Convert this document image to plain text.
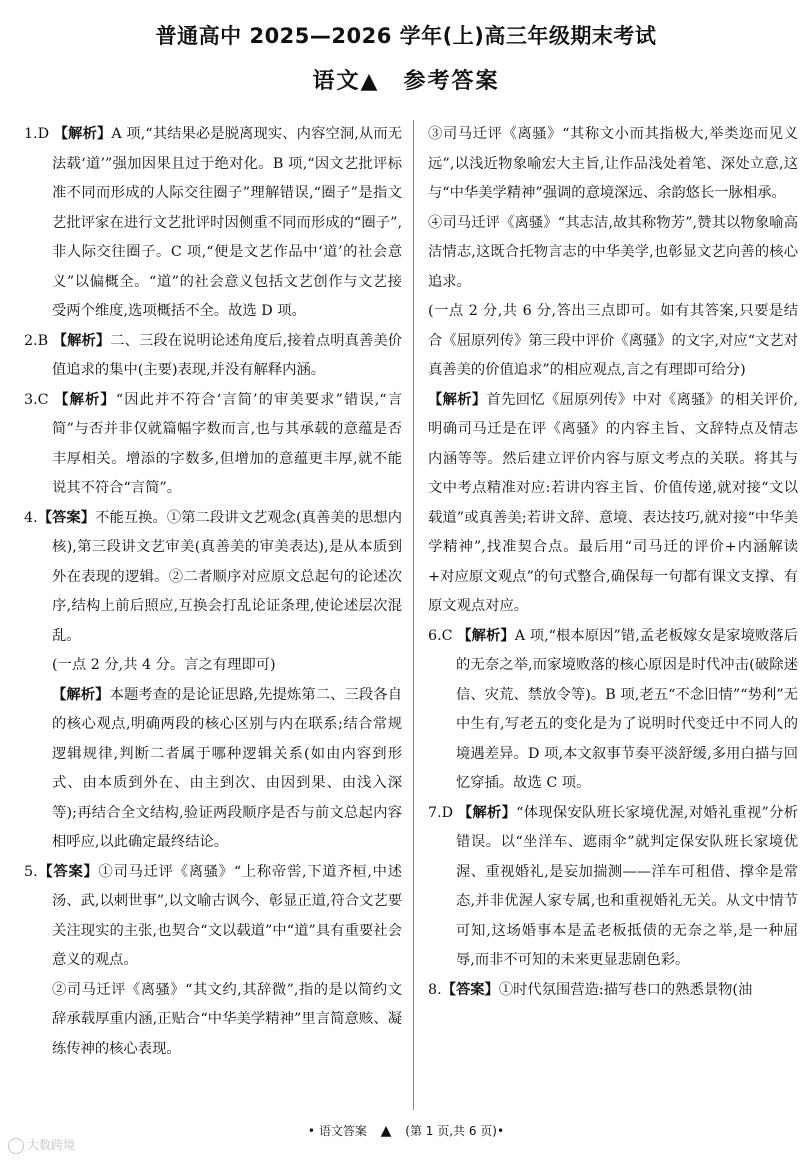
普通高中 2025—2026 学年(上)高三年级期末考试
语文▲　参考答案

1.D 【解析】A 项,“其结果必是脱离现实、内容空洞,从而无法载‘道’”强加因果且过于绝对化。B 项,“因文艺批评标准不同而形成的人际交往圈子”理解错误,“圈子”是指文艺批评家在进行文艺批评时因侧重不同而形成的“圈子”,非人际交往圈子。C 项,“便是文艺作品中‘道’的社会意义”以偏概全。“道”的社会意义包括文艺创作与文艺接受两个维度,选项概括不全。故选 D 项。

2.B 【解析】二、三段在说明论述角度后,接着点明真善美价值追求的集中(主要)表现,并没有解释内涵。

3.C 【解析】“因此并不符合‘言简’的审美要求”错误,“言简”与否并非仅就篇幅字数而言,也与其承载的意蕴是否丰厚相关。增添的字数多,但增加的意蕴更丰厚,就不能说其不符合“言简”。

4.【答案】不能互换。①第二段讲文艺观念(真善美的思想内核),第三段讲文艺审美(真善美的审美表达),是从本质到外在表现的逻辑。②二者顺序对应原文总起句的论述次序,结构上前后照应,互换会打乱论证条理,使论述层次混乱。

(一点 2 分,共 4 分。言之有理即可)

【解析】本题考查的是论证思路,先提炼第二、三段各自的核心观点,明确两段的核心区别与内在联系;结合常规逻辑规律,判断二者属于哪种逻辑关系(如由内容到形式、由本质到外在、由主到次、由因到果、由浅入深等);再结合全文结构,验证两段顺序是否与前文总起内容相呼应,以此确定最终结论。

5.【答案】①司马迁评《离骚》“上称帝喾,下道齐桓,中述汤、武,以刺世事”,以文喻古讽今、彰显正道,符合文艺要关注现实的主张,也契合“文以载道”中“道”具有重要社会意义的观点。

②司马迁评《离骚》“其文约,其辞微”,指的是以简约文辞承载厚重内涵,正贴合“中华美学精神”里言简意赅、凝练传神的核心表现。

③司马迁评《离骚》“其称文小而其指极大,举类迩而见义远”,以浅近物象喻宏大主旨,让作品浅处着笔、深处立意,这与“中华美学精神”强调的意境深远、余韵悠长一脉相承。

④司马迁评《离骚》“其志洁,故其称物芳”,赞其以物象喻高洁情志,这既合托物言志的中华美学,也彰显文艺向善的核心追求。

(一点 2 分,共 6 分,答出三点即可。如有其答案,只要是结合《屈原列传》第三段中评价《离骚》的文字,对应“文艺对真善美的价值追求”的相应观点,言之有理即可给分)

【解析】首先回忆《屈原列传》中对《离骚》的相关评价,明确司马迁是在评《离骚》的内容主旨、文辞特点及情志内涵等等。然后建立评价内容与原文考点的关联。将其与文中考点精准对应:若讲内容主旨、价值传递,就对接“文以载道”或真善美;若讲文辞、意境、表达技巧,就对接“中华美学精神”,找准契合点。最后用“司马迁的评价+内涵解读+对应原文观点”的句式整合,确保每一句都有课文支撑、有原文观点对应。

6.C 【解析】A 项,“根本原因”错,孟老板嫁女是家境败落后的无奈之举,而家境败落的核心原因是时代冲击(破除迷信、灾荒、禁放令等)。B 项,老五“不念旧情”“势利”无中生有,写老五的变化是为了说明时代变迁中不同人的境遇差异。D 项,本文叙事节奏平淡舒缓,多用白描与回忆穿插。故选 C 项。

7.D 【解析】“体现保安队班长家境优渥,对婚礼重视”分析错误。以“坐洋车、遮雨伞”就判定保安队班长家境优渥、重视婚礼,是妄加揣测——洋车可租借、撑伞是常态,并非优渥人家专属,也和重视婚礼无关。从文中情节可知,这场婚事本是孟老板抵债的无奈之举,是一种屈辱,而非不可知的未来更显悲剧色彩。

8.【答案】①时代氛围营造:描写巷口的熟悉景物(油

• 语文答案 ▲ (第 1 页,共 6 页)•
大数跨境
